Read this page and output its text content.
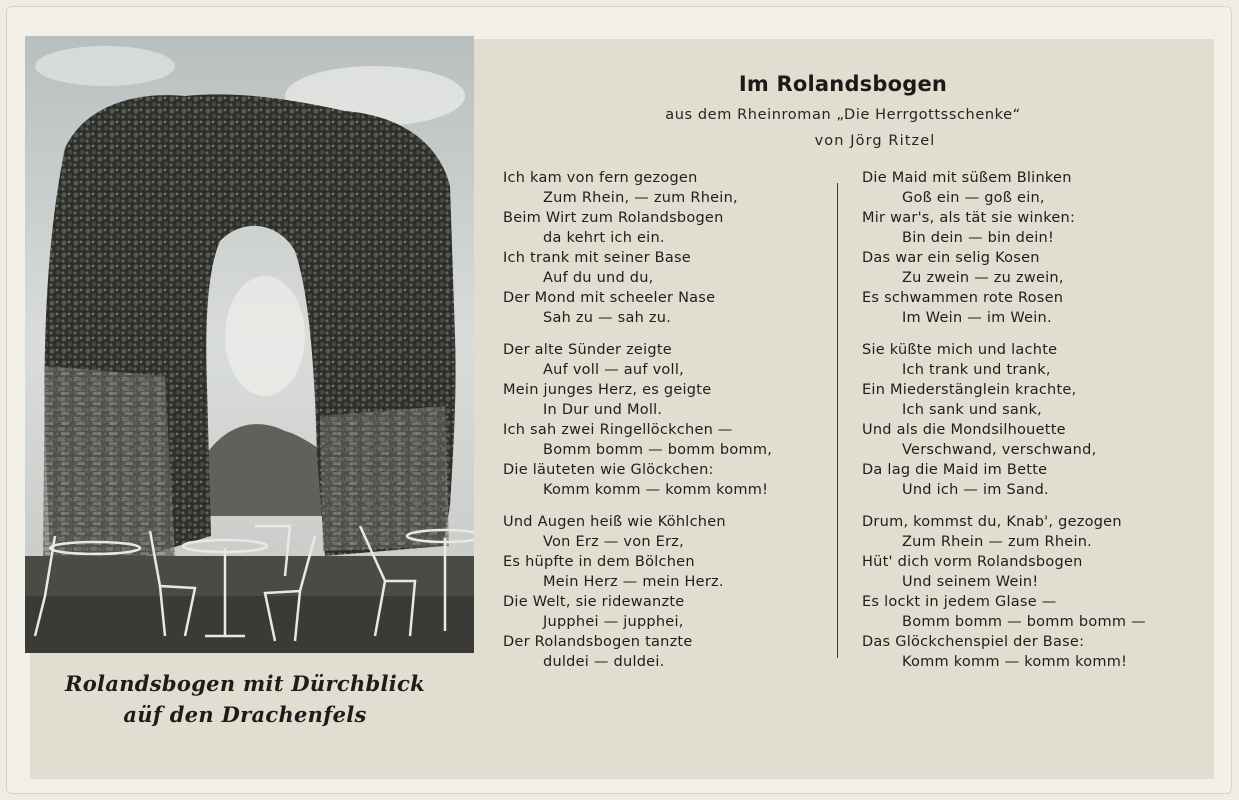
Rolandsbogen mit Dürchblick
aüf den Drachenfels
Im Rolandsbogen
aus dem Rheinroman „Die Herrgottsschenke“
von Jörg Ritzel
Ich kam von fern gezogen
Zum Rhein, — zum Rhein,
Beim Wirt zum Rolandsbogen
da kehrt ich ein.
Ich trank mit seiner Base
Auf du und du,
Der Mond mit scheeler Nase
Sah zu — sah zu.
Der alte Sünder zeigte
Auf voll — auf voll,
Mein junges Herz, es geigte
In Dur und Moll.
Ich sah zwei Ringellöckchen —
Bomm bomm — bomm bomm,
Die läuteten wie Glöckchen:
Komm komm — komm komm!
Und Augen heiß wie Köhlchen
Von Erz — von Erz,
Es hüpfte in dem Bölchen
Mein Herz — mein Herz.
Die Welt, sie ridewanzte
Jupphei — jupphei,
Der Rolandsbogen tanzte
duldei — duldei.
Die Maid mit süßem Blinken
Goß ein — goß ein,
Mir war's, als tät sie winken:
Bin dein — bin dein!
Das war ein selig Kosen
Zu zwein — zu zwein,
Es schwammen rote Rosen
Im Wein — im Wein.
Sie küßte mich und lachte
Ich trank und trank,
Ein Miederstänglein krachte,
Ich sank und sank,
Und als die Mondsilhouette
Verschwand, verschwand,
Da lag die Maid im Bette
Und ich — im Sand.
Drum, kommst du, Knab', gezogen
Zum Rhein — zum Rhein.
Hüt' dich vorm Rolandsbogen
Und seinem Wein!
Es lockt in jedem Glase —
Bomm bomm — bomm bomm —
Das Glöckchenspiel der Base:
Komm komm — komm komm!
